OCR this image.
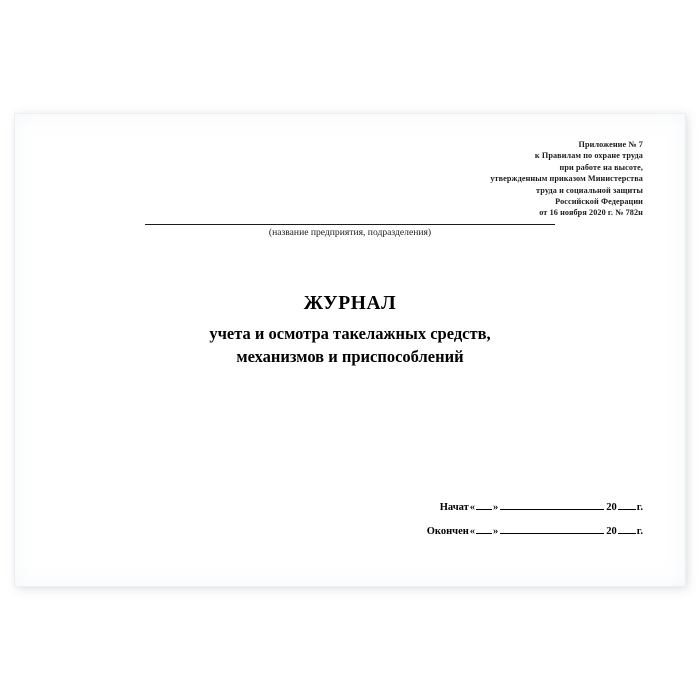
Приложение № 7
к Правилам по охране труда
при работе на высоте,
утвержденным приказом Министерства
труда и социальной защиты
Российской Федерации
от 16 ноября 2020 г. № 782н
(название предприятия, подразделения)
ЖУРНАЛ
учета и осмотра такелажных средств,
механизмов и приспособлений
Начат « »	20 г.
Окончен « »	20 г.
